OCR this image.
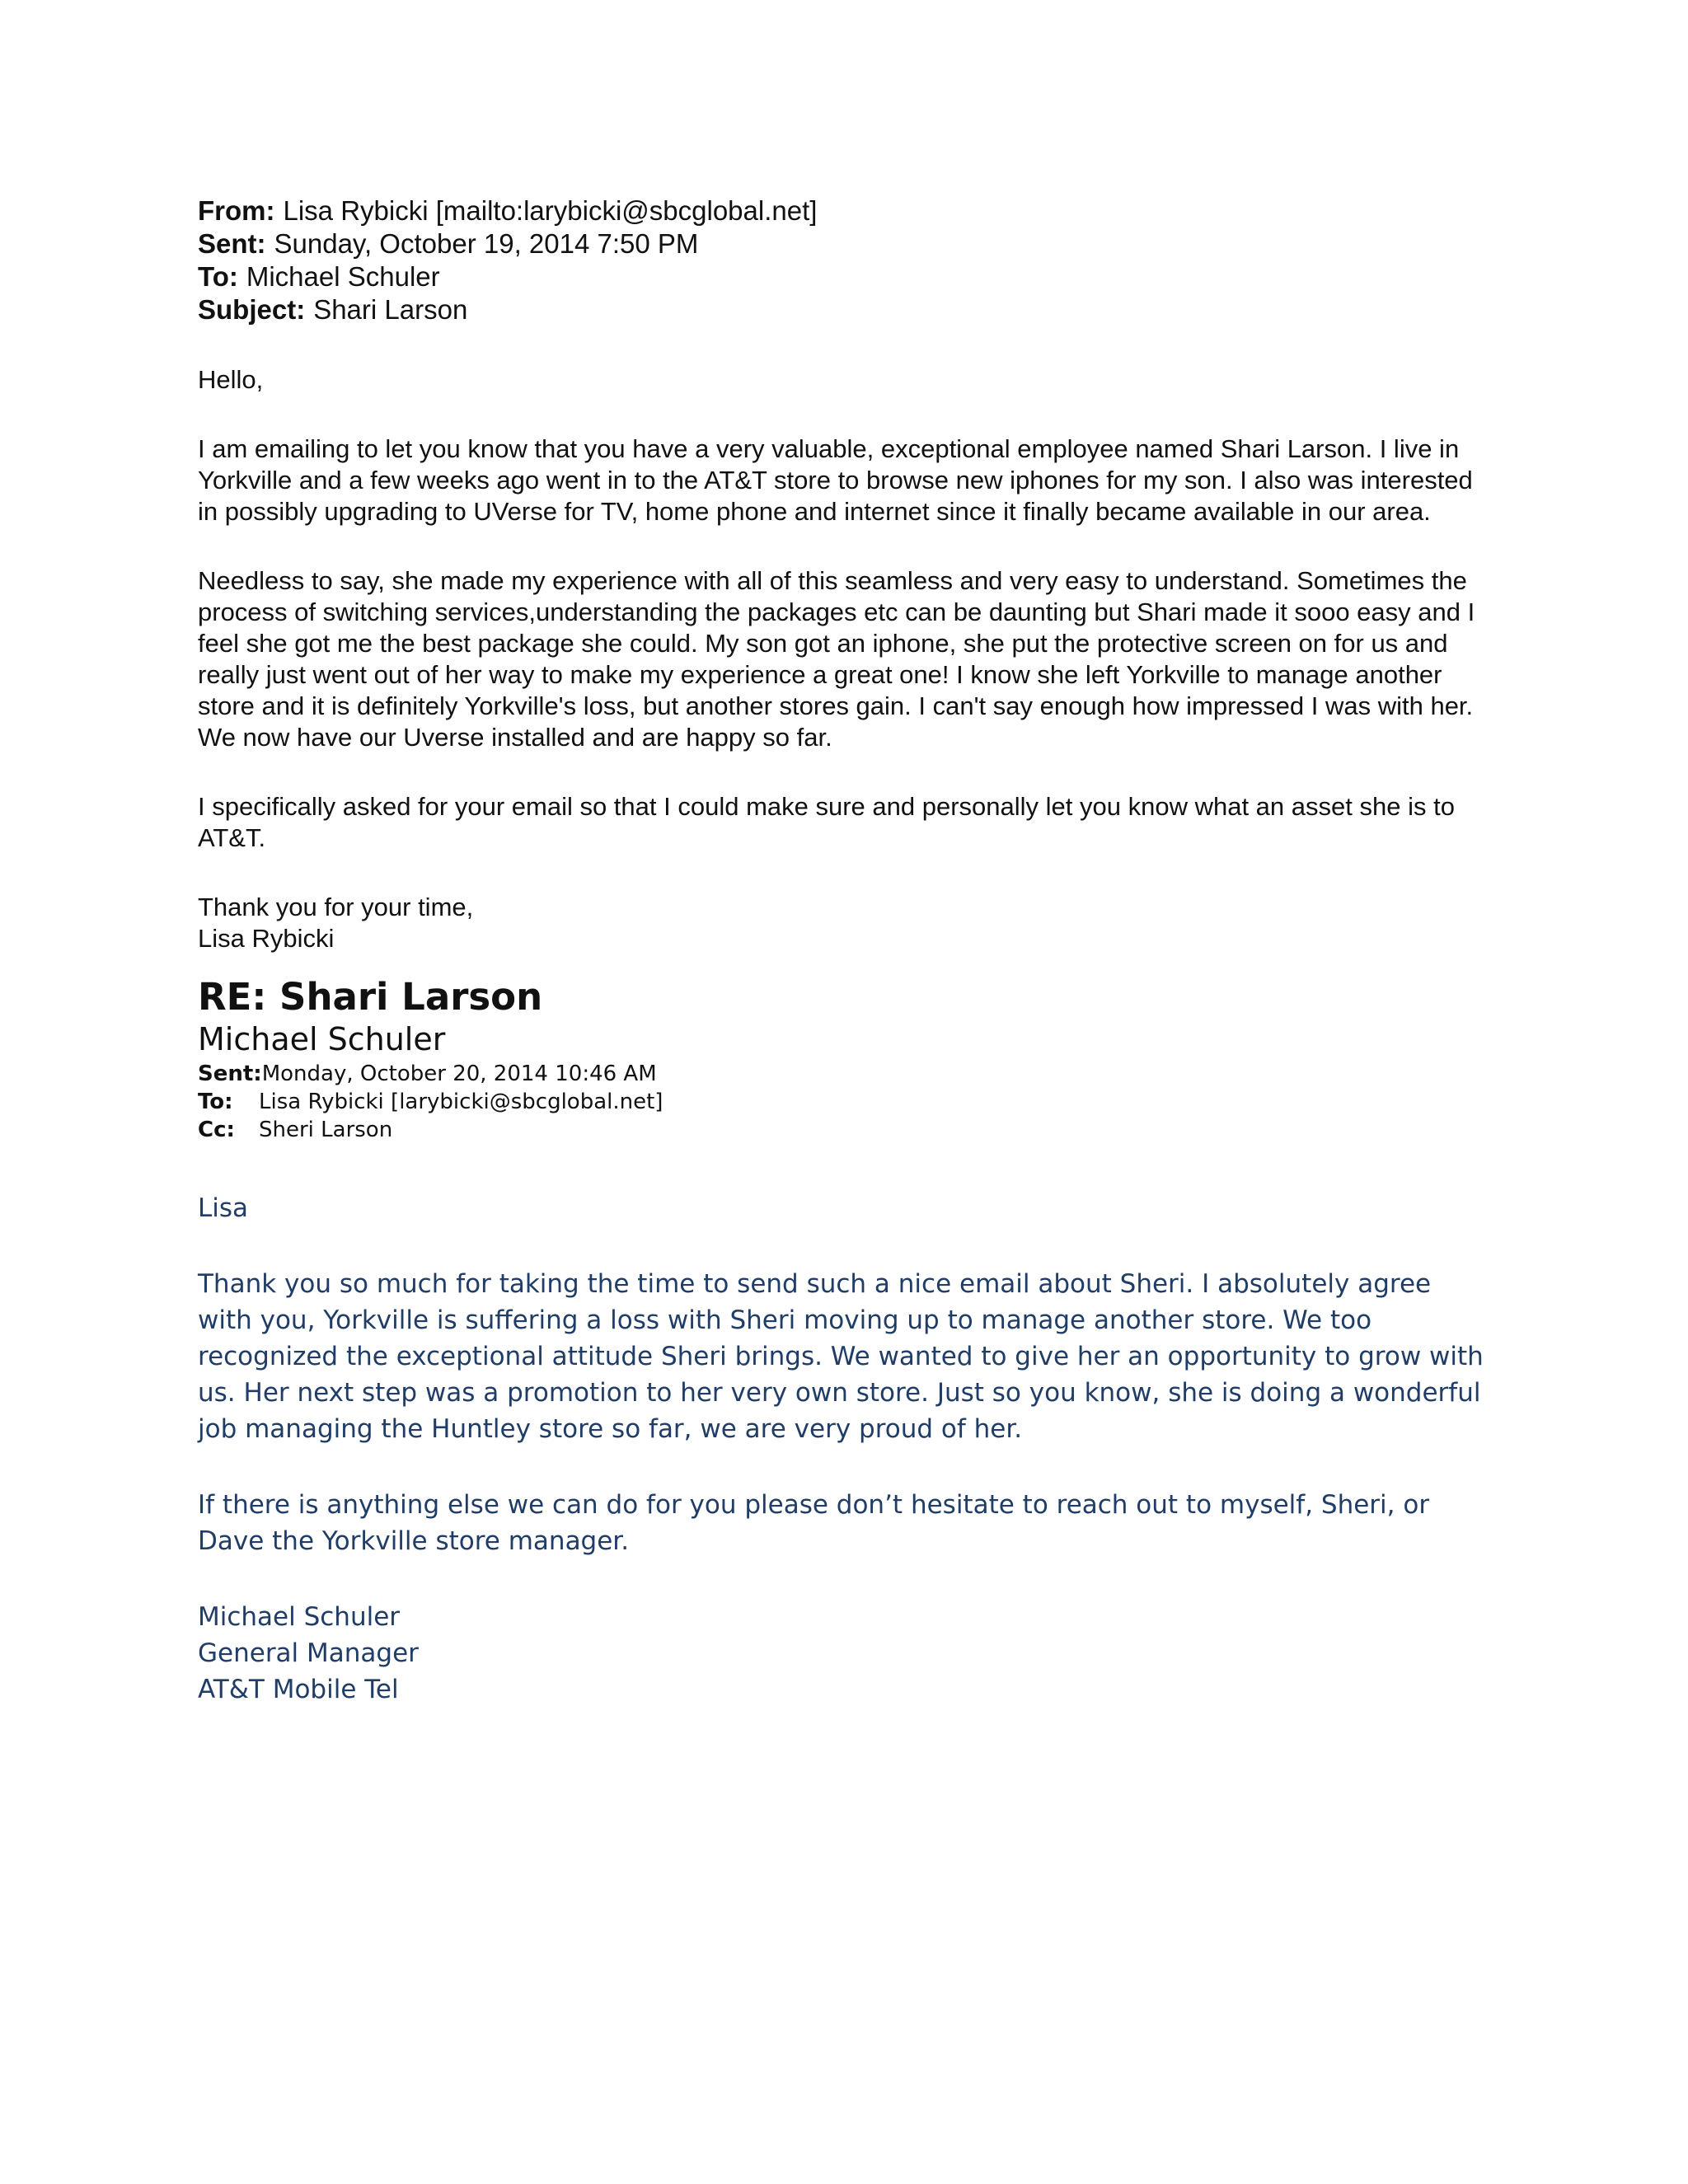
From: Lisa Rybicki [mailto:larybicki@sbcglobal.net]
Sent: Sunday, October 19, 2014 7:50 PM
To: Michael Schuler
Subject: Shari Larson

Hello,

I am emailing to let you know that you have a very valuable, exceptional employee named Shari Larson. I live in Yorkville and a few weeks ago went in to the AT&T store to browse new iphones for my son. I also was interested in possibly upgrading to UVerse for TV, home phone and internet since it finally became available in our area.

Needless to say, she made my experience with all of this seamless and very easy to understand. Sometimes the process of switching services,understanding the packages etc can be daunting but Shari made it sooo easy and I feel she got me the best package she could. My son got an iphone, she put the protective screen on for us and really just went out of her way to make my experience a great one! I know she left Yorkville to manage another store and it is definitely Yorkville's loss, but another stores gain. I can't say enough how impressed I was with her. We now have our Uverse installed and are happy so far.

I specifically asked for your email so that I could make sure and personally let you know what an asset she is to AT&T.

Thank you for your time,
Lisa Rybicki

RE: Shari Larson
Michael Schuler
Sent:Monday, October 20, 2014 10:46 AM
To: Lisa Rybicki [larybicki@sbcglobal.net]
Cc: Sheri Larson

Lisa

Thank you so much for taking the time to send such a nice email about Sheri. I absolutely agree with you, Yorkville is suffering a loss with Sheri moving up to manage another store. We too recognized the exceptional attitude Sheri brings. We wanted to give her an opportunity to grow with us. Her next step was a promotion to her very own store. Just so you know, she is doing a wonderful job managing the Huntley store so far, we are very proud of her.

If there is anything else we can do for you please don’t hesitate to reach out to myself, Sheri, or Dave the Yorkville store manager.

Michael Schuler
General Manager
AT&T Mobile Tel
